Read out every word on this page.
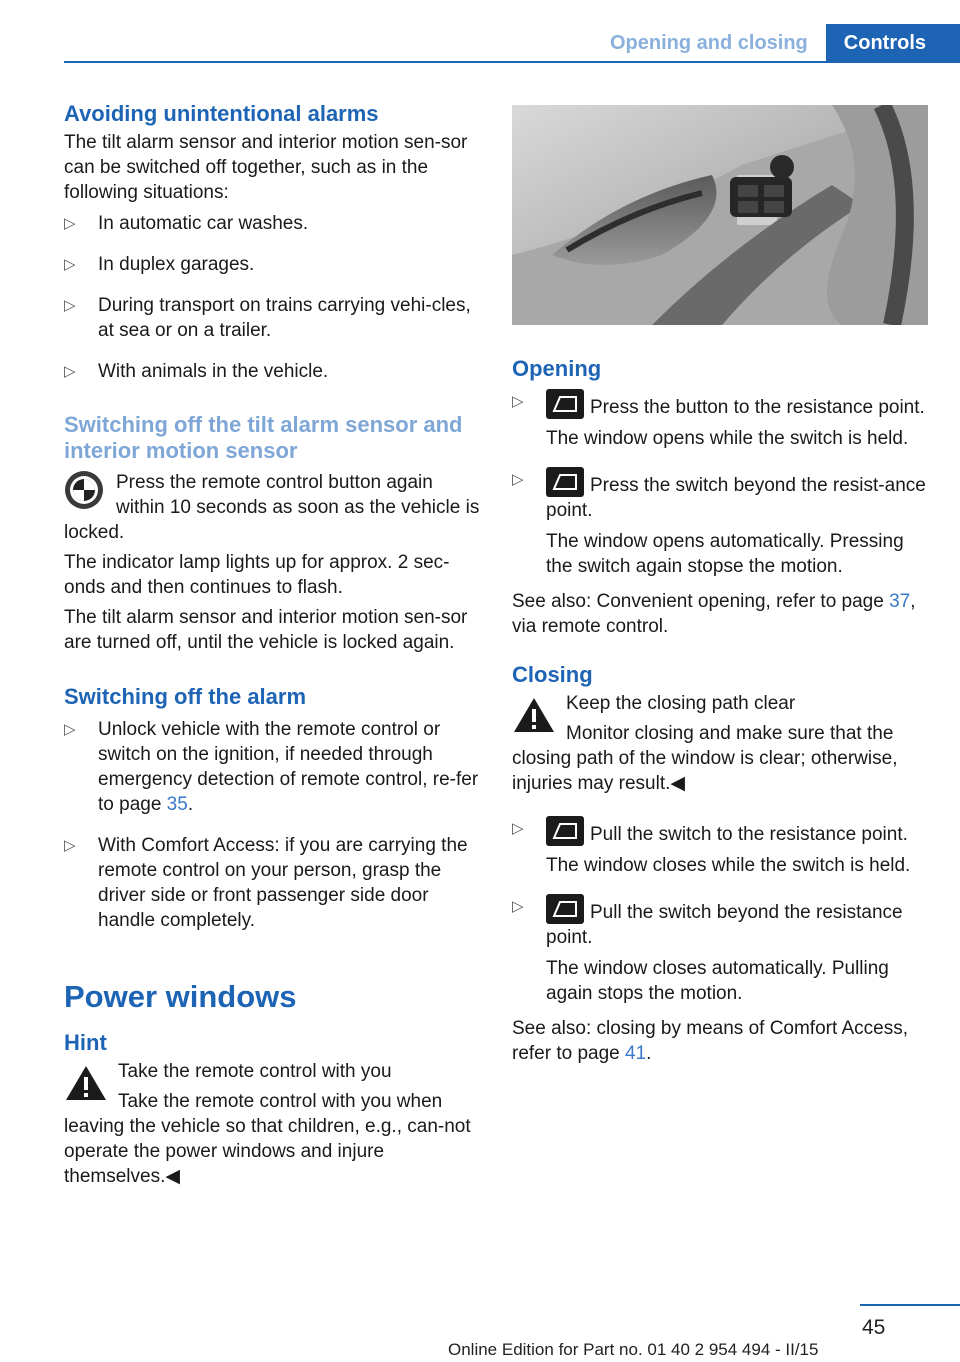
Opening and closing	Controls
Avoiding unintentional alarms

The tilt alarm sensor and interior motion sen-sor can be switched off together, such as in the following situations:

▷ In automatic car washes.
▷ In duplex garages.
▷ During transport on trains carrying vehi-cles, at sea or on a trailer.
▷ With animals in the vehicle.
Switching off the tilt alarm sensor and interior motion sensor

Press the remote control button again within 10 seconds as soon as the vehicle is locked.

The indicator lamp lights up for approx. 2 sec-onds and then continues to flash.

The tilt alarm sensor and interior motion sen-sor are turned off, until the vehicle is locked again.

Switching off the alarm
▷ Unlock vehicle with the remote control or switch on the ignition, if needed through emergency detection of remote control, re-fer to page 35.
▷ With Comfort Access: if you are carrying the remote control on your person, grasp the driver side or front passenger side door handle completely.
Power windows
Hint

Take the remote control with you

Take the remote control with you when leaving the vehicle so that children, e.g., can-not operate the power windows and injure themselves.◀

Opening
▷	Press the button to the resistance point.
The window opens while the switch is held.
▷	Press the switch beyond the resist-ance point.
The window opens automatically. Pressing the switch again stopse the motion.

See also: Convenient opening, refer to page 37, via remote control.

Closing

Keep the closing path clear

Monitor closing and make sure that the closing path of the window is clear; otherwise, injuries may result.◀

▷	Pull the switch to the resistance point.
The window closes while the switch is held.
▷	Pull the switch beyond the resistance point.
The window closes automatically. Pulling again stops the motion.

See also: closing by means of Comfort Access, refer to page 41.

45
Online Edition for Part no. 01 40 2 954 494 - II/15
